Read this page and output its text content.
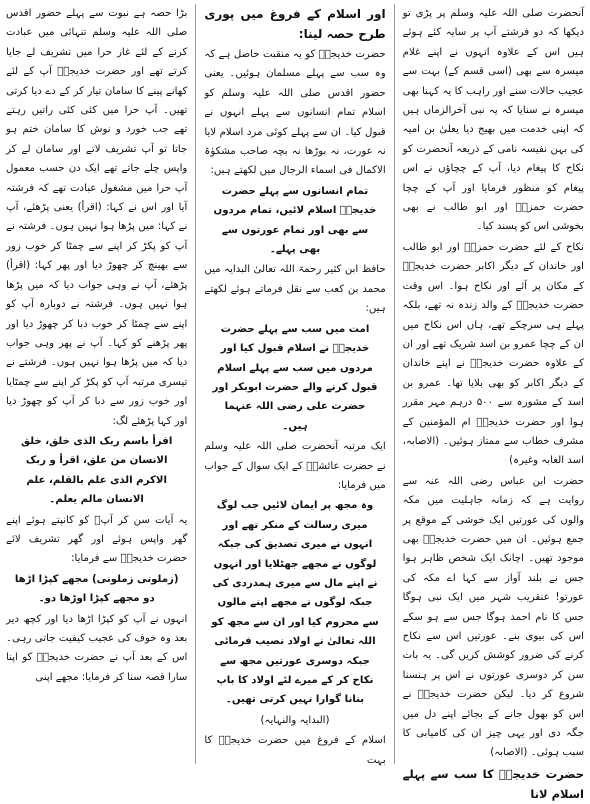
آنحضرت صلی اللہ علیہ وسلم پر پڑی تو دیکھا کہ دو فرشتے آپ پر سایہ کئے ہوئے ہیں اس کے علاوہ انہوں نے اپنے غلام میسرہ سے بھی (اسی قسم کے) بہت سے عجیب حالات سنے اور راہب کا یہ کہنا بھی میسرہ نے سنایا کہ یہ نبی آخرالزماں ہیں کہ اپنی خدمت میں بھیج دیا یعلیٰ بن امیہ کی بہن نفیسہ نامی کے ذریعہ آنحضرت کو نکاح کا پیغام دیا، آپ کے چچاؤں نے اس پیغام کو منظور فرمایا اور آپ کے چچا حضرت حمزہؓ اور ابو طالب نے بھی بخوشی اس کو پسند کیا۔

نکاح کے لئے حضرت حمزہؓ اور ابو طالب اور خاندان کے دیگر اکابر حضرت خدیجہؓ کے مکان پر آئے اور نکاح ہوا۔ اس وقت حضرت خدیجہؓ کے والد زندہ نہ تھے، بلکہ پہلے ہی سرچکے تھے، ہاں اس نکاح میں ان کے چچا عمرو بن اسد شریک تھے اور ان کے علاوہ حضرت خدیجہؓ نے اپنے خاندان کے دیگر اکابر کو بھی بلایا تھا۔ عمرو بن اسد کے مشورہ سے ۵۰۰ درہم مہر مقرر ہوا اور حضرت خدیجہؓ ام المؤمنین کے مشرف خطاب سے ممتاز ہوئیں۔ (الاصابہ، اسد الغابہ وغیرہ)

حضرت ابن عباس رضی اللہ عنہ سے روایت ہے کہ زمانہ جاہلیت میں مکہ والوں کی عورتیں ایک خوشی کے موقع پر جمع ہوئیں۔ ان میں حضرت خدیجہؓ بھی موجود تھیں۔ اچانک ایک شخص ظاہر ہوا جس نے بلند آواز سے کہا اے مکہ کی عورتو! عنقریب شہر میں ایک نبی ہوگا جس کا نام احمد ہوگا جس سے ہو سکے اس کی بیوی بنے۔ عورتیں اس سے نکاح کرنے کی ضرور کوشش کریں گی۔ یہ بات سن کر دوسری عورتوں نے اس پر ہنسنا شروع کر دیا۔ لیکن حضرت خدیجہؓ نے اس کو بھول جانے کے بجائے اپنے دل میں جگہ دی اور یہی چیز ان کی کامیابی کا سبب ہوئی۔ (الاصابہ)

حضرت خدیجہؓ کا سب سے پہلے اسلام لانا

اور اسلام کے فروغ میں پوری طرح حصہ لینا:

حضرت خدیجہؓ کو یہ منقبت حاصل ہے کہ وہ سب سے پہلے مسلمان ہوئیں۔ یعنی حضور اقدس صلی اللہ علیہ وسلم کو اسلام تمام انسانوں سے پہلے انہوں نے قبول کیا۔ ان سے پہلے کوئی مرد اسلام لایا نہ عورت، نہ بوڑھا نہ بچہ صاحب مشکوٰۃ الاکمال فی اسماء الرجال میں لکھتے ہیں:

تمام انسانوں سے پہلے حضرت خدیجہؓ اسلام لائیں، تمام مردوں سے بھی اور تمام عورتوں سے بھی پہلے۔

حافظ ابن کثیر رحمۃ اللہ تعالیٰ البدایہ میں محمد بن کعب سے نقل فرماتے ہوئے لکھتے ہیں:

امت میں سب سے پہلے حضرت خدیجہؓ نے اسلام قبول کیا اور مردوں میں سب سے پہلے اسلام قبول کرنے والے حضرت ابوبکر اور حضرت علی رضی اللہ عنہما ہیں۔

ایک مرتبہ آنحضرت صلی اللہ علیہ وسلم نے حضرت عائشہؓ کے ایک سوال کے جواب میں فرمایا:

وہ مجھ پر ایمان لائیں جب لوگ میری رسالت کے منکر تھے اور انہوں نے میری تصدیق کی جبکہ لوگوں نے مجھے جھٹلایا اور انہوں نے اپنے مال سے میری ہمدردی کی جبکہ لوگوں نے مجھے اپنے مالوں سے محروم کیا اور ان سے مجھ کو اللہ تعالیٰ نے اولاد نصیب فرمائی جبکہ دوسری عورتیں مجھ سے نکاح کر کے میرے لئے اولاد کا باپ بنانا گوارا نہیں کرتی تھیں۔

(البدایہ والنہایہ)

اسلام کے فروغ میں حضرت خدیجہؓ کا بہت

بڑا حصہ ہے نبوت سے پہلے حضور اقدس صلی اللہ علیہ وسلم تنہائی میں عبادت کرنے کے لئے غار حرا میں تشریف لے جایا کرتے تھے اور حضرت خدیجہؓ آپ کے لئے کھانے پینے کا سامان تیار کر کے دے دیا کرتی تھیں۔ آپ حرا میں کئی کئی راتیں رہتے تھے جب خورد و نوش کا سامان ختم ہو جاتا تو آپ تشریف لاتے اور سامان لے کر واپس چلے جاتے تھے ایک دن حسب معمول آپ حرا میں مشغول عبادت تھے کہ فرشتہ آیا اور اس نے کہا: (اقرأ) یعنی پڑھئے، آپ نے کہا: میں پڑھا ہوا نہیں ہوں۔ فرشتہ نے آپ کو پکڑ کر اپنے سے چمٹا کر خوب زور سے بھینچ کر چھوڑ دیا اور پھر کہا: (اقرأ) پڑھئے، آپ نے وہی جواب دیا کہ میں پڑھا ہوا نہیں ہوں۔ فرشتہ نے دوبارہ آپ کو اپنے سے چمٹا کر خوب دبا کر چھوڑ دیا اور پھر پڑھنے کو کہا۔ آپ نے پھر وہی جواب دیا کہ میں پڑھا ہوا نہیں ہوں۔ فرشتے نے تیسری مرتبہ آپ کو پکڑ کر اپنے سے چمٹایا اور خوب زور سے دبا کر آپ کو چھوڑ دیا اور کہا پڑھئے لگ:

اقرأ باسم ربک الذی خلق، خلق الانسان من علق، اقرأ و ربک الاکرم الذی علم بالقلم، علم الانسان مالم یعلم۔

یہ آیات سن کر آپؐ کو کانپتے ہوئے اپنے گھر واپس ہوئے اور گھر تشریف لائے حضرت خدیجہؓ سے فرمایا:

(زملونی زملونی) مجھے کپڑا اڑھا دو مجھے کپڑا اوڑھا دو۔

انہوں نے آپ کو کپڑا اڑھا دیا اور کچھ دیر بعد وہ خوف کی عجیب کیفیت جاتی رہی۔ اس کے بعد آپ نے حضرت خدیجہؓ کو اپنا سارا قصہ سنا کر فرمایا: مجھے اپنی
